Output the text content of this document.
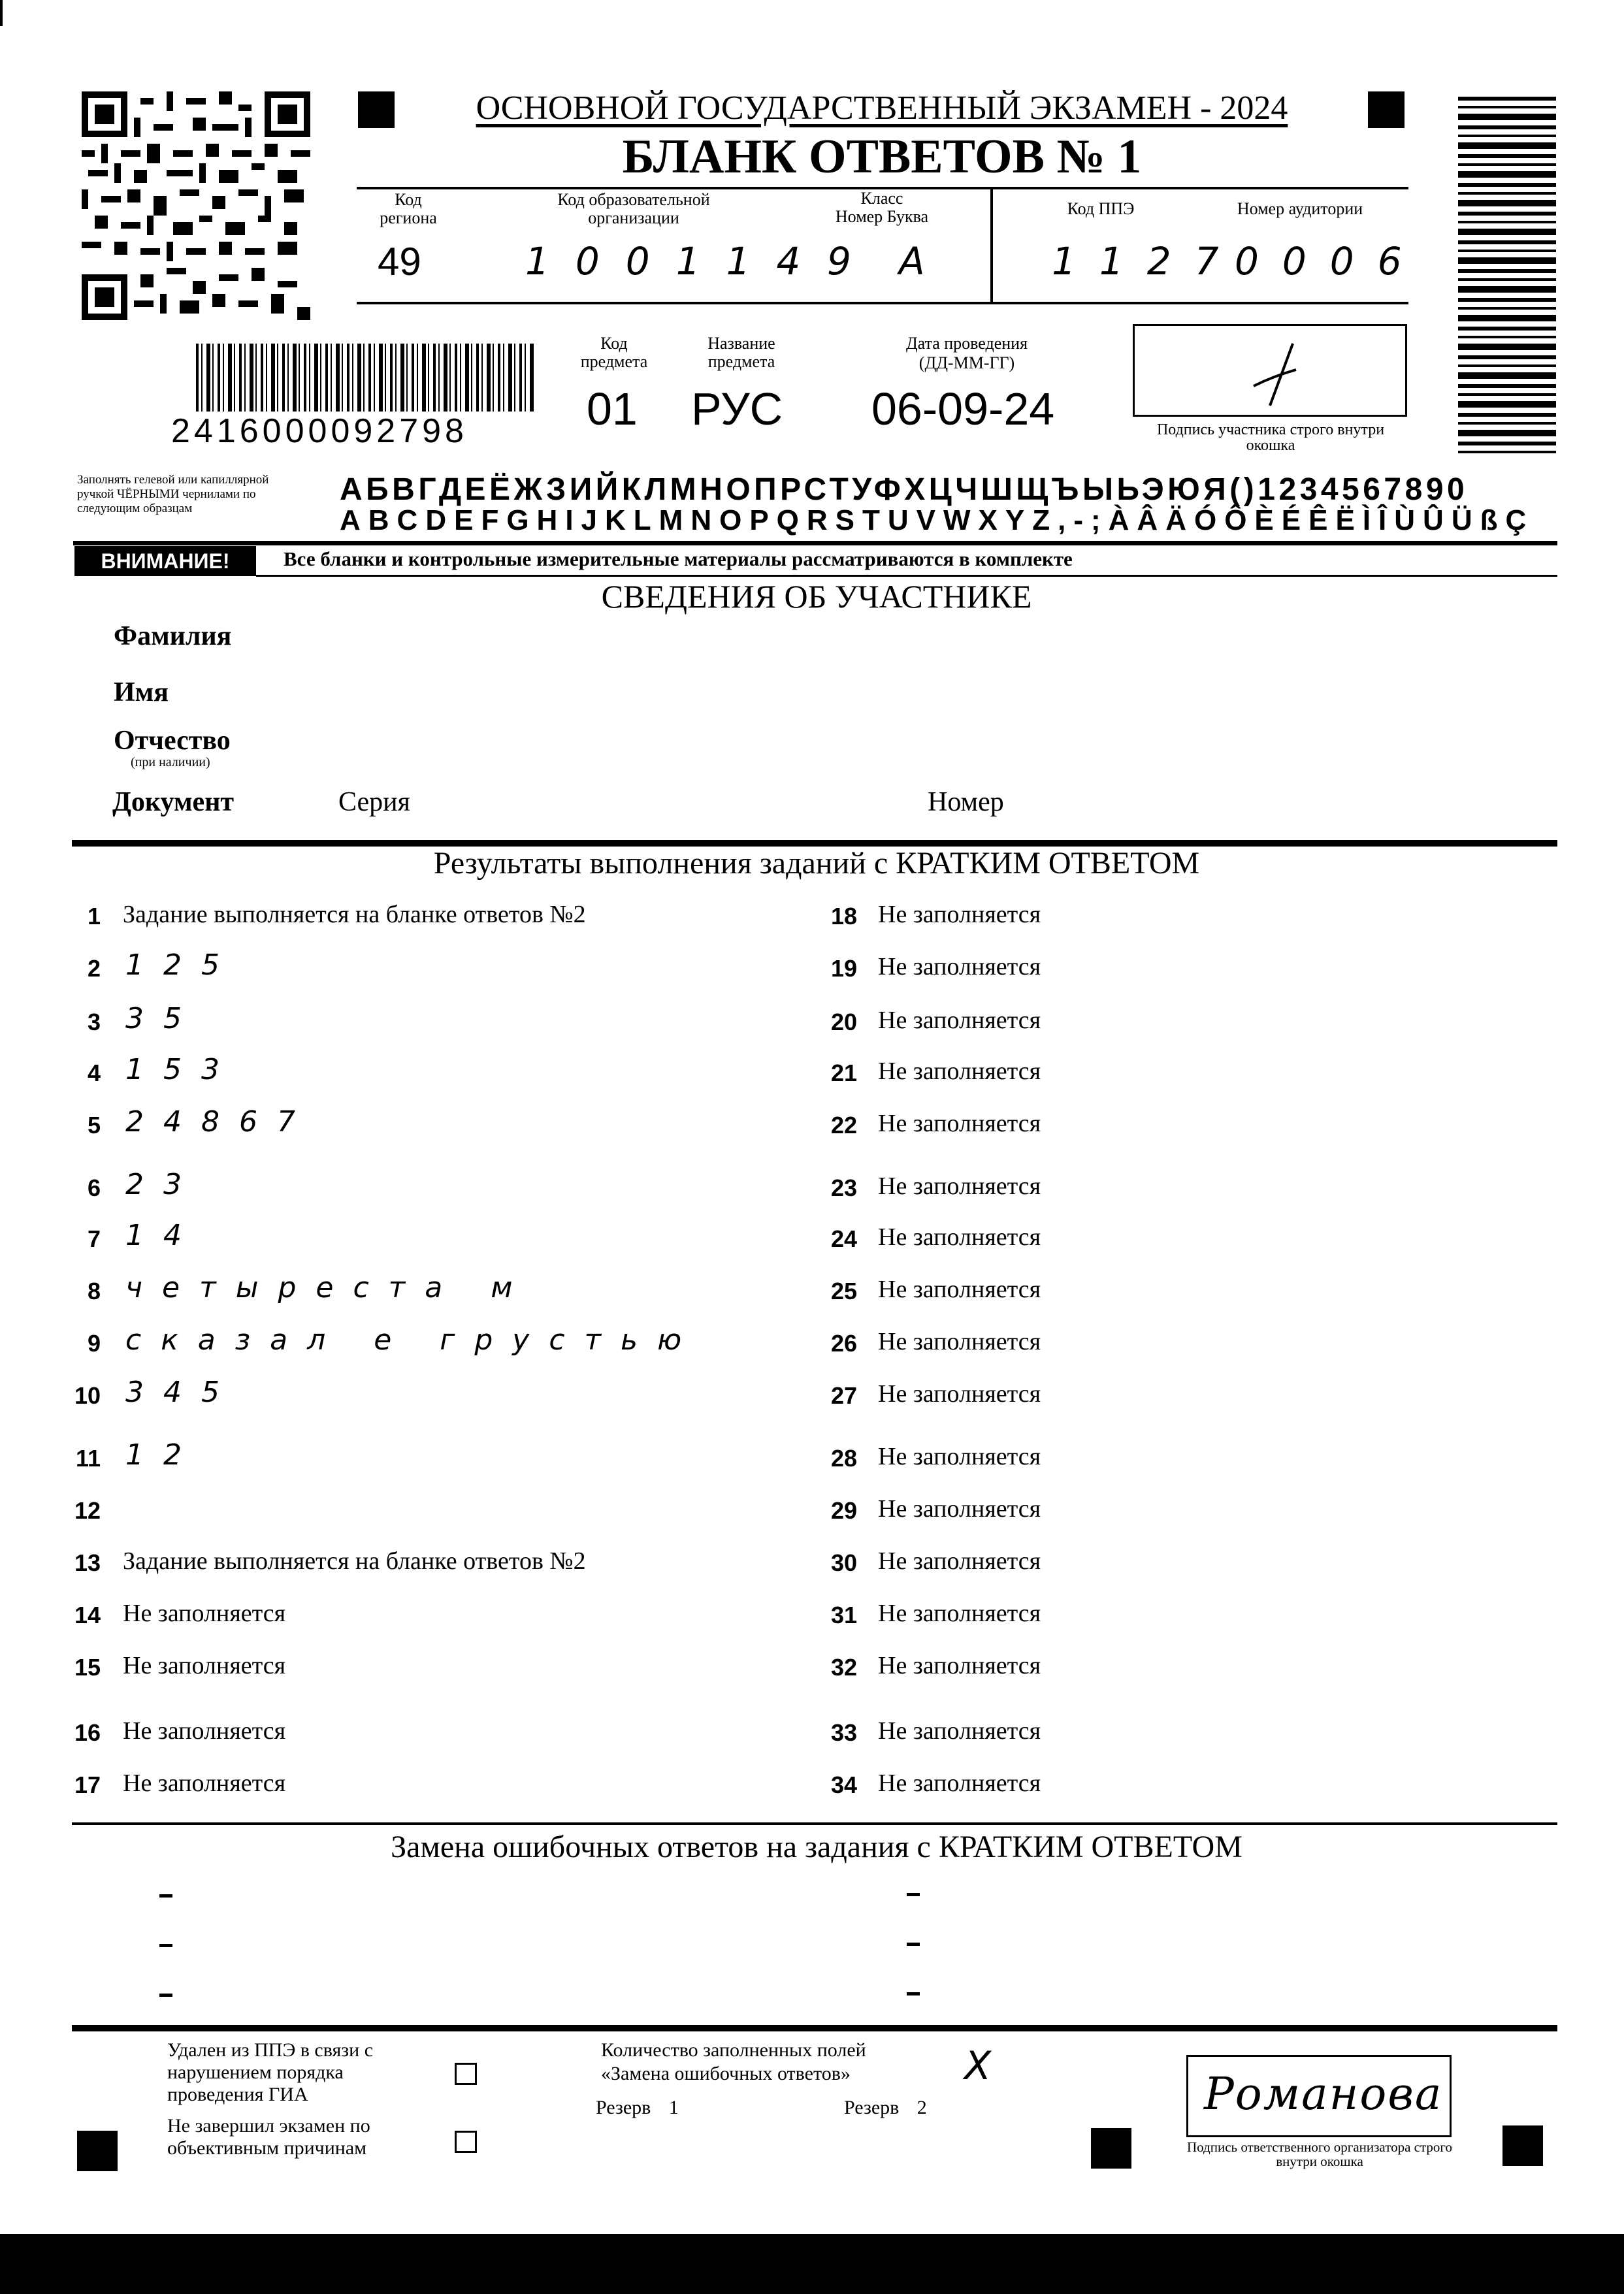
ОСНОВНОЙ ГОСУДАРСТВЕННЫЙ ЭКЗАМЕН - 2024
БЛАНК ОТВЕТОВ № 1
Код региона
49
Код образовательной организации
100114
Класс
Номер Буква
9 А
Код ППЭ
1127
Номер аудитории
0006
2416000092798
Код предмета
01
Название предмета
РУС
Дата проведения
(ДД-ММ-ГГ)
06-09-24	Подпись участника строго внутри окошка
Заполнять гелевой или капиллярной ручкой ЧЁРНЫМИ чернилами по следующим образцам
АБВГДЕЁЖЗИЙКЛМНОПРСТУФХЦЧШЩЪЫЬЭЮЯ()1234567890
ABCDEFGHIJKLMNOPQRSTUVWXYZ,-;ÀÂÄÓÔÈÉÊËÌÎÙÛÜßÇ
ВНИМАНИЕ!	Все бланки и контрольные измерительные материалы рассматриваются в комплекте
СВЕДЕНИЯ ОБ УЧАСТНИКЕ
Фамилия
Имя
Отчество
(при наличии)
Документ	Серия	Номер
Результаты выполнения заданий с КРАТКИМ ОТВЕТОМ
1 Задание выполняется на бланке ответов №2
2 125
3 35
4 153
5 24867
6 23
7 14
8 четыреста м
9 сказал е грустью
10 345
11 12
12
13 Задание выполняется на бланке ответов №2
14 Не заполняется
15 Не заполняется
16 Не заполняется
17 Не заполняется
18 Не заполняется
19 Не заполняется
20 Не заполняется
21 Не заполняется
22 Не заполняется
23 Не заполняется
24 Не заполняется
25 Не заполняется
26 Не заполняется
27 Не заполняется
28 Не заполняется
29 Не заполняется
30 Не заполняется
31 Не заполняется
32 Не заполняется
33 Не заполняется
34 Не заполняется
Замена ошибочных ответов на задания с КРАТКИМ ОТВЕТОМ
Удален из ППЭ в связи с нарушением порядка проведения ГИА
Не завершил экзамен по объективным причинам
Количество заполненных полей
«Замена ошибочных ответов»	X
Резерв 1	Резерв 2	Романова
Подпись ответственного организатора строго внутри окошка
